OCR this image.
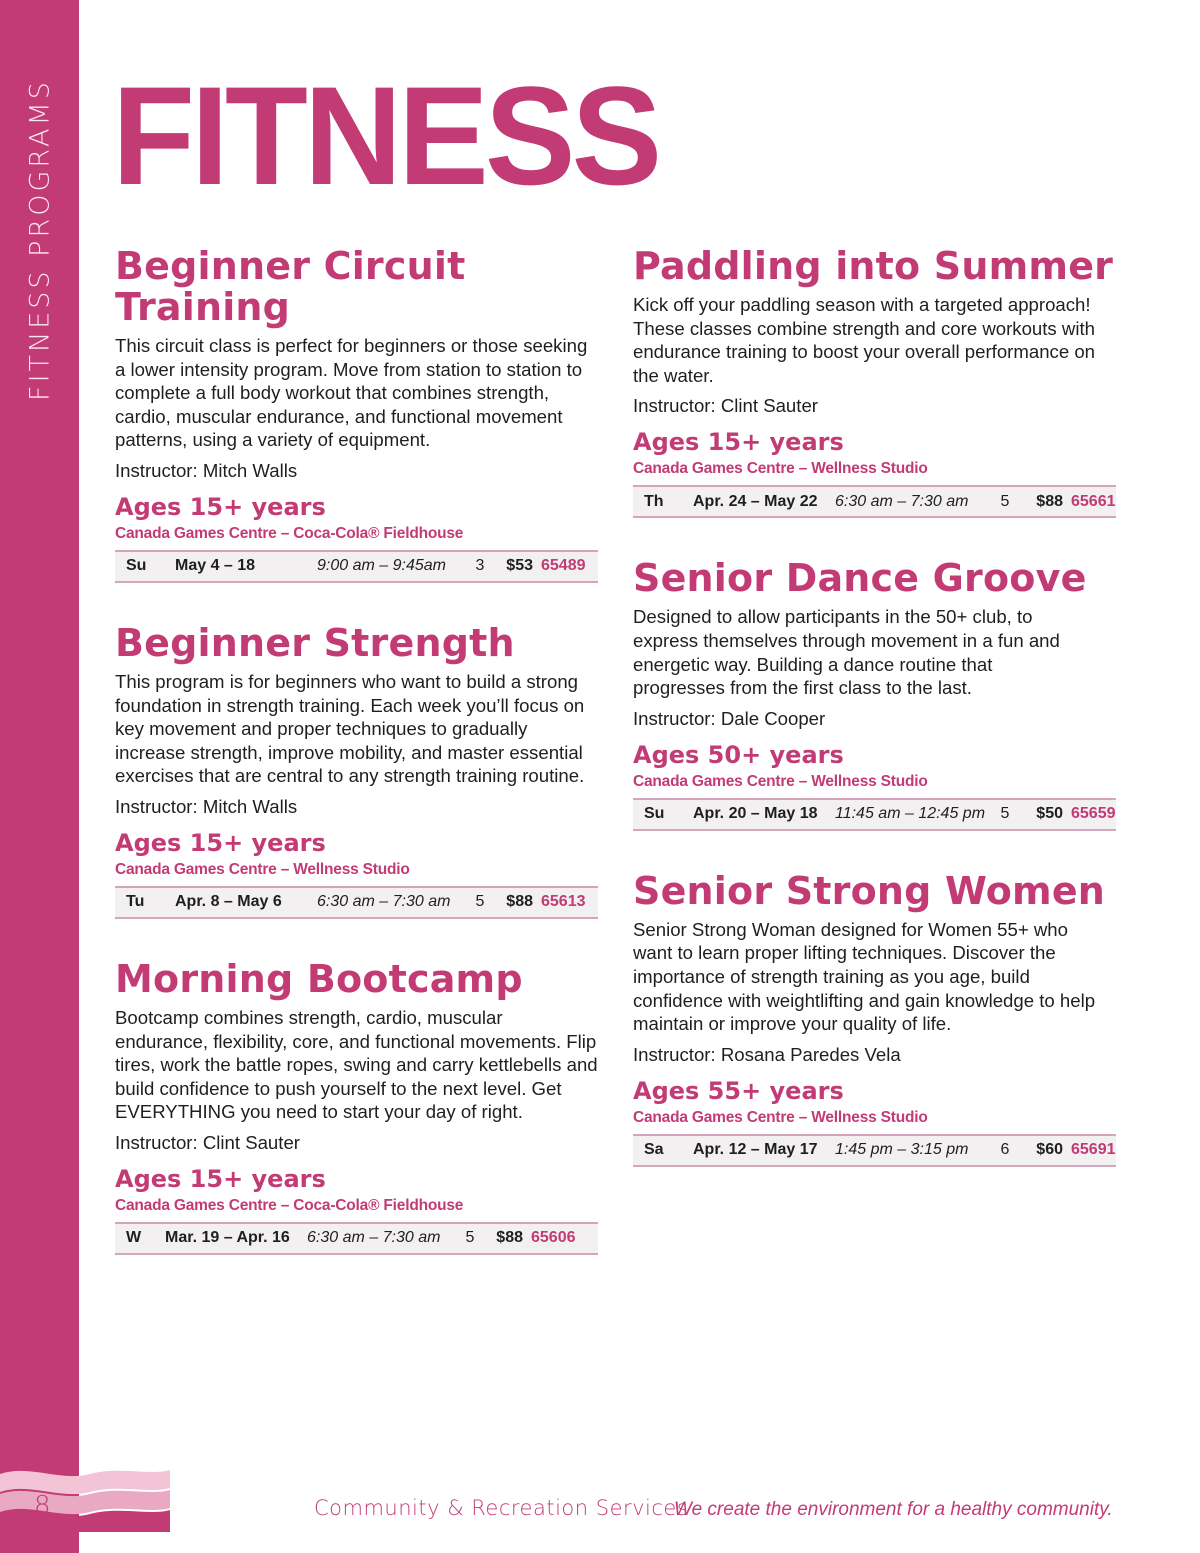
FITNESS PROGRAMS FITNESS
Beginner Circuit Training

This circuit class is perfect for beginners or those seeking a lower intensity program. Move from station to station to complete a full body workout that combines strength, cardio, muscular endurance, and functional movement patterns, using a variety of equipment.

Instructor: Mitch Walls

Ages 15+ years

Canada Games Centre – Coca-Cola® Fieldhouse

Su	May 4 – 18	9:00 am – 9:45am	3	$53 65489
Beginner Strength

This program is for beginners who want to build a strong foundation in strength training. Each week you’ll focus on key movement and proper techniques to gradually increase strength, improve mobility, and master essential exercises that are central to any strength training routine.

Instructor: Mitch Walls

Ages 15+ years

Canada Games Centre – Wellness Studio

Tu	Apr. 8 – May 6	6:30 am – 7:30 am	5	$88 65613
Morning Bootcamp

Bootcamp combines strength, cardio, muscular endurance, flexibility, core, and functional movements. Flip tires, work the battle ropes, swing and carry kettlebells and build confidence to push yourself to the next level. Get EVERYTHING you need to start your day of right.

Instructor: Clint Sauter

Ages 15+ years

Canada Games Centre – Coca-Cola® Fieldhouse

W	Mar. 19 – Apr. 16	6:30 am – 7:30 am	5	$88 65606
Paddling into Summer

Kick off your paddling season with a targeted approach! These classes combine strength and core workouts with endurance training to boost your overall performance on the water.

Instructor: Clint Sauter

Ages 15+ years

Canada Games Centre – Wellness Studio

Th	Apr. 24 – May 22	6:30 am – 7:30 am	5	$88 65661
Senior Dance Groove

Designed to allow participants in the 50+ club, to express themselves through movement in a fun and energetic way. Building a dance routine that progresses from the first class to the last.

Instructor: Dale Cooper

Ages 50+ years

Canada Games Centre – Wellness Studio

Su	Apr. 20 – May 18	11:45 am – 12:45 pm 5	$50 65659
Senior Strong Women

Senior Strong Woman designed for Women 55+ who want to learn proper lifting techniques. Discover the importance of strength training as you age, build confidence with weightlifting and gain knowledge to help maintain or improve your quality of life.

Instructor: Rosana Paredes Vela

Ages 55+ years

Canada Games Centre – Wellness Studio

Sa	Apr. 12 – May 17	1:45 pm – 3:15 pm	6	$60 65691
8	Community & Recreation Services
We create the environment for a healthy community.
